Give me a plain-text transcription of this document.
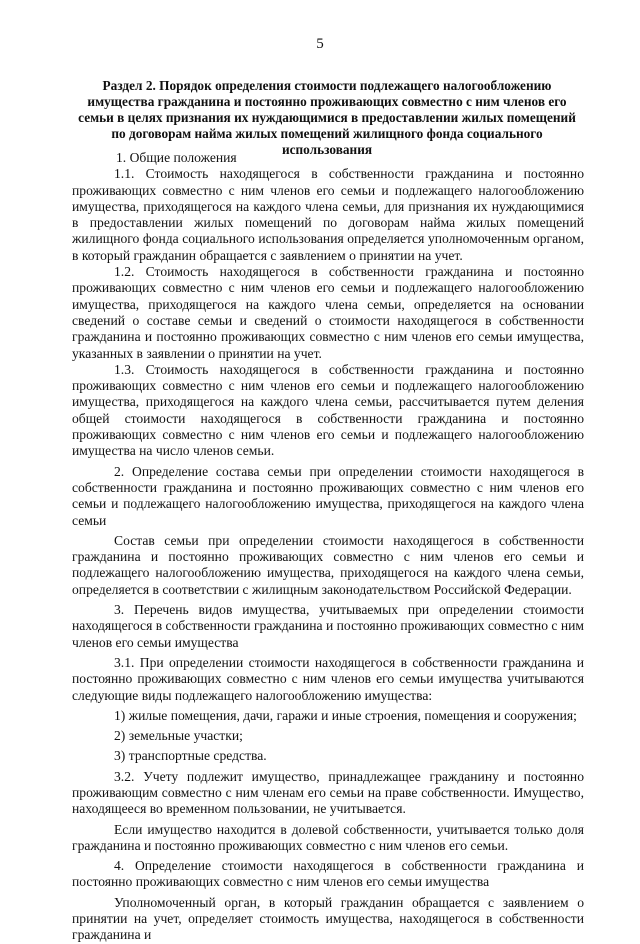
5
Раздел 2. Порядок определения стоимости подлежащего налогообложению имущества гражданина и постоянно проживающих совместно с ним членов его семьи в целях признания их нуждающимися в предоставлении жилых помещений по договорам найма жилых помещений жилищного фонда социального использования

1. Общие положения

1.1. Стоимость находящегося в собственности гражданина и постоянно проживающих совместно с ним членов его семьи и подлежащего налогообложению имущества, приходящегося на каждого члена семьи, для признания их нуждающимися в предоставлении жилых помещений по договорам найма жилых помещений жилищного фонда социального использования определяется уполномоченным органом, в который гражданин обращается с заявлением о принятии на учет.

1.2. Стоимость находящегося в собственности гражданина и постоянно проживающих совместно с ним членов его семьи и подлежащего налогообложению имущества, приходящегося на каждого члена семьи, определяется на основании сведений о составе семьи и сведений о стоимости находящегося в собственности гражданина и постоянно проживающих совместно с ним членов его семьи имущества, указанных в заявлении о принятии на учет.

1.3. Стоимость находящегося в собственности гражданина и постоянно проживающих совместно с ним членов его семьи и подлежащего налогообложению имущества, приходящегося на каждого члена семьи, рассчитывается путем деления общей стоимости находящегося в собственности гражданина и постоянно проживающих совместно с ним членов его семьи и подлежащего налогообложению имущества на число членов семьи.

2. Определение состава семьи при определении стоимости находящегося в собственности гражданина и постоянно проживающих совместно с ним членов его семьи и подлежащего налогообложению имущества, приходящегося на каждого члена семьи

Состав семьи при определении стоимости находящегося в собственности гражданина и постоянно проживающих совместно с ним членов его семьи и подлежащего налогообложению имущества, приходящегося на каждого члена семьи, определяется в соответствии с жилищным законодательством Российской Федерации.

3. Перечень видов имущества, учитываемых при определении стоимости находящегося в собственности гражданина и постоянно проживающих совместно с ним членов его семьи имущества

3.1. При определении стоимости находящегося в собственности гражданина и постоянно проживающих совместно с ним членов его семьи имущества учитываются следующие виды подлежащего налогообложению имущества:

1) жилые помещения, дачи, гаражи и иные строения, помещения и сооружения;

2) земельные участки;

3) транспортные средства.

3.2. Учету подлежит имущество, принадлежащее гражданину и постоянно проживающим совместно с ним членам его семьи на праве собственности. Имущество, находящееся во временном пользовании, не учитывается.

Если имущество находится в долевой собственности, учитывается только доля гражданина и постоянно проживающих совместно с ним членов его семьи.

4. Определение стоимости находящегося в собственности гражданина и постоянно проживающих совместно с ним членов его семьи имущества

Уполномоченный орган, в который гражданин обращается с заявлением о принятии на учет, определяет стоимость имущества, находящегося в собственности гражданина и
